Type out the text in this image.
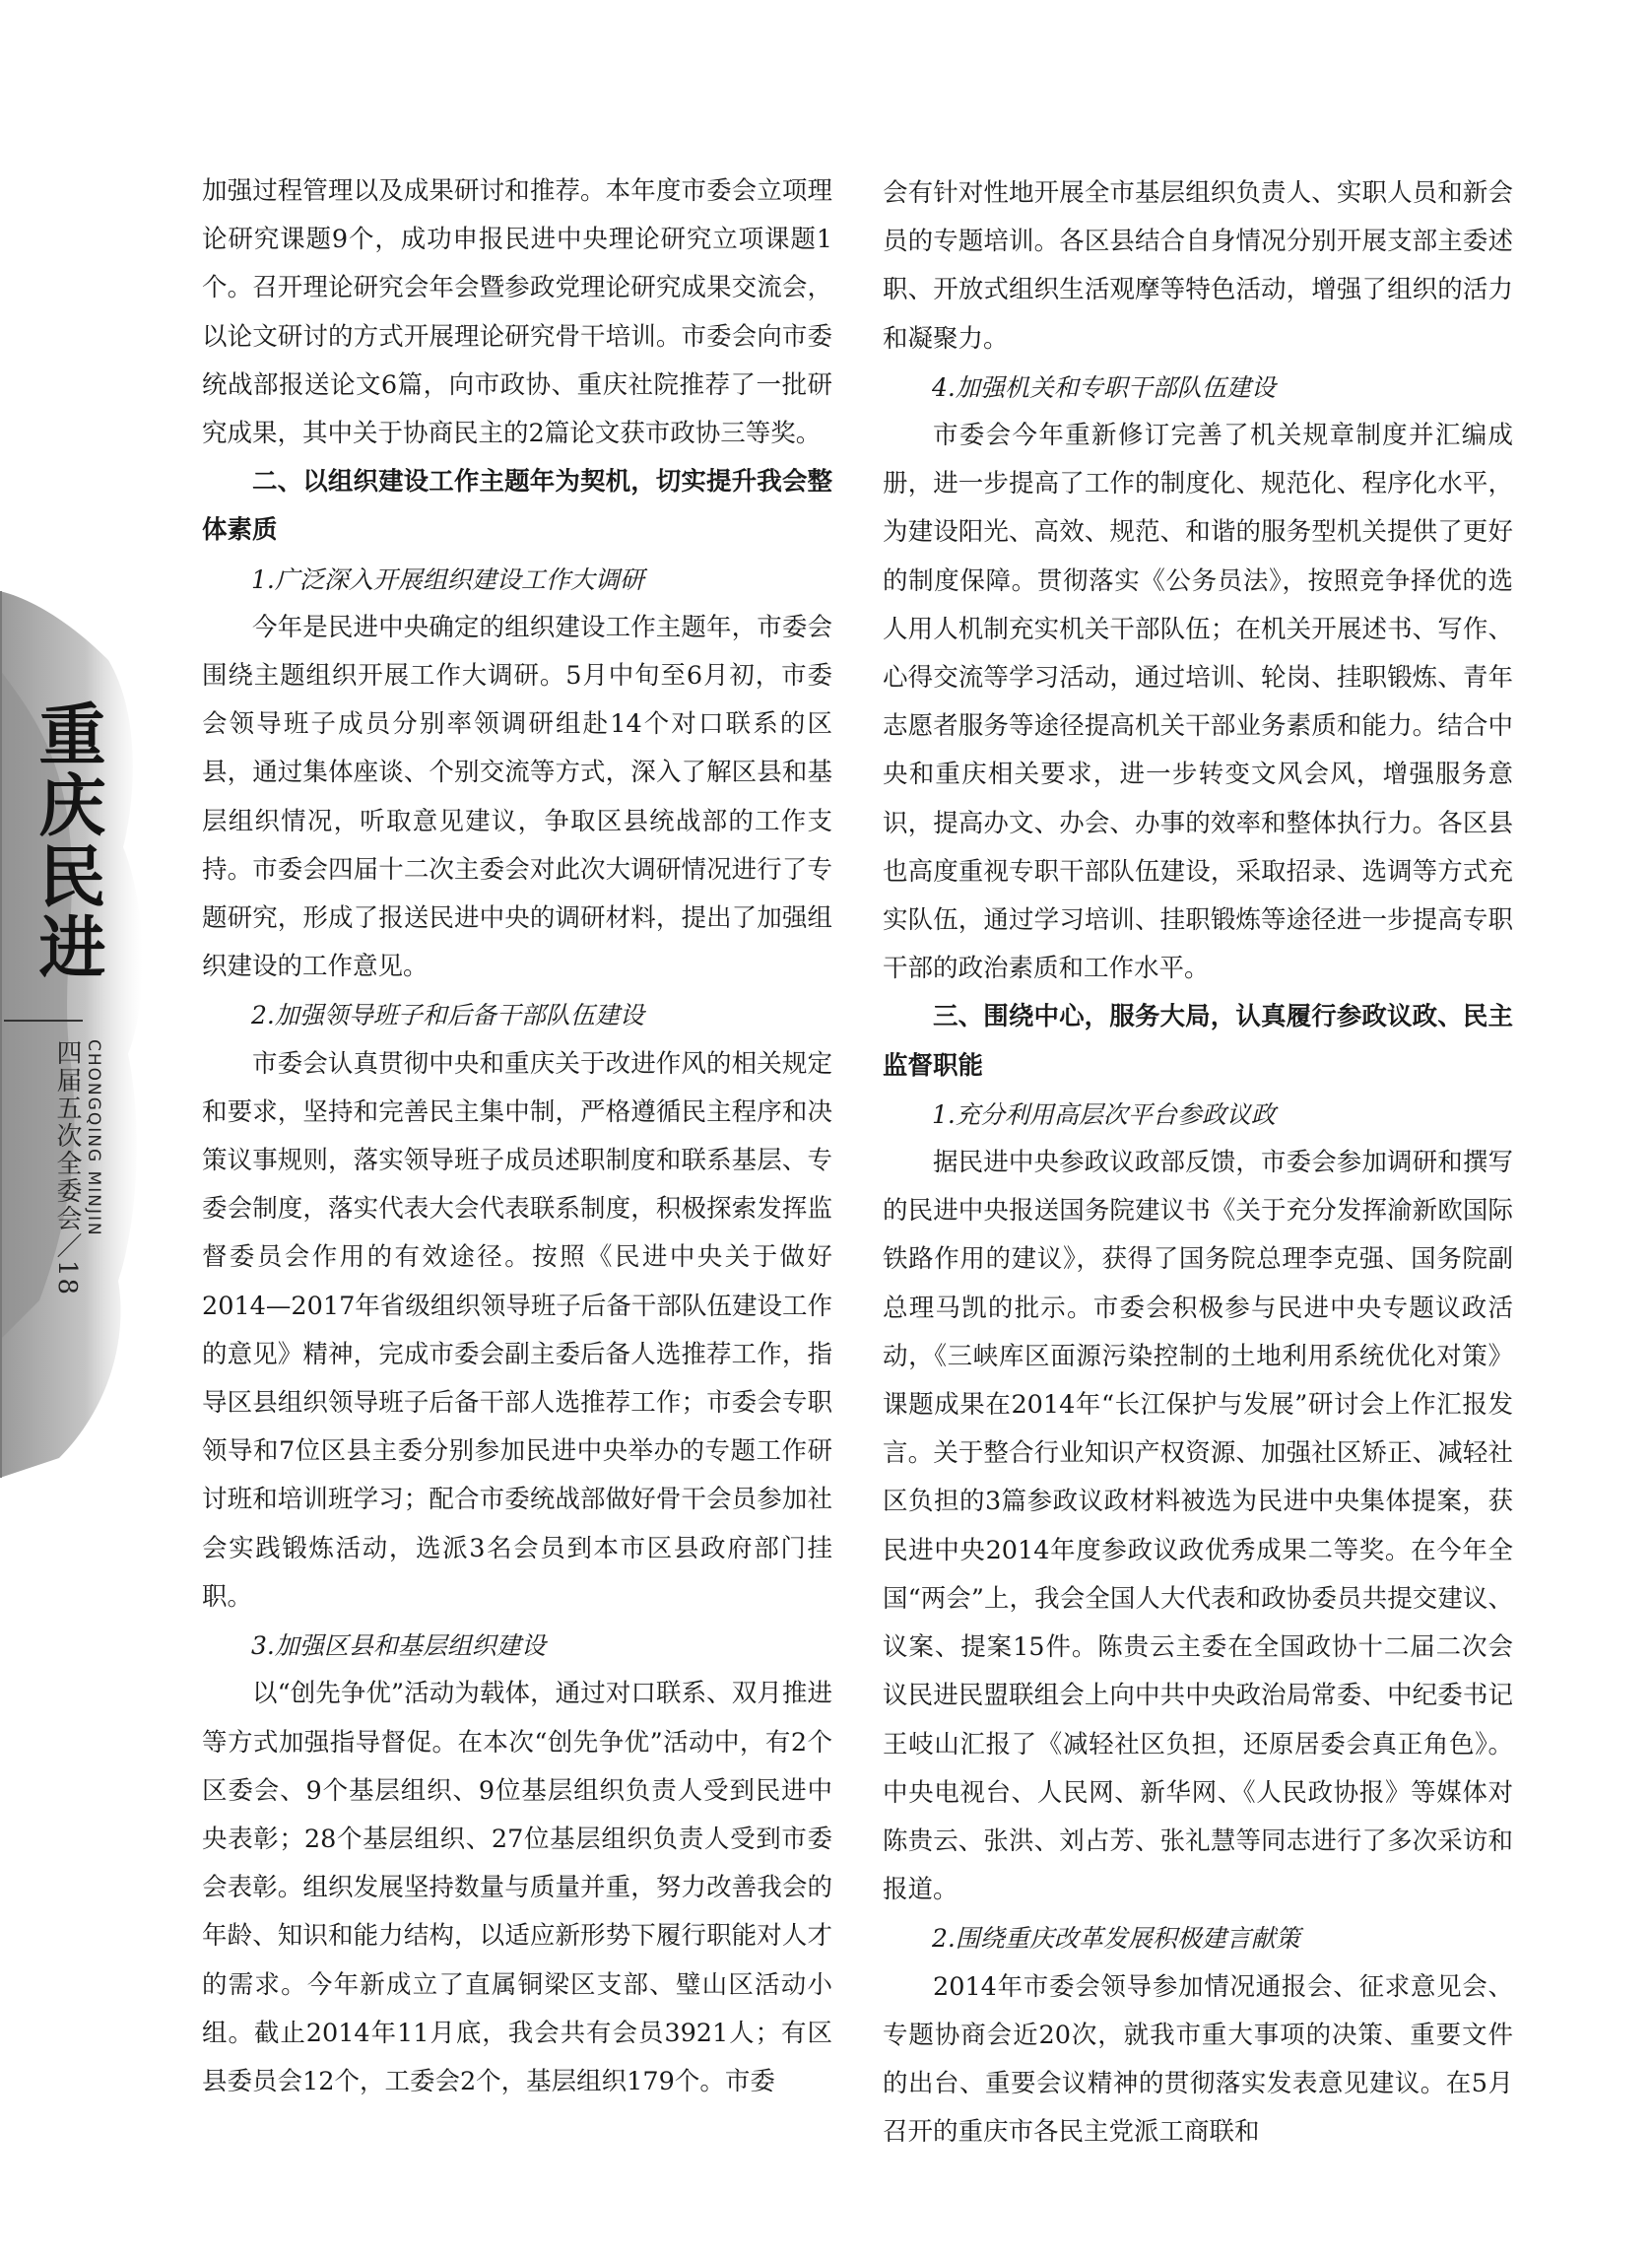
重庆民进
CHONGQING MINJIN
四届五次全委会／18

加强过程管理以及成果研讨和推荐。本年度市委会立项理论研究课题9个，成功申报民进中央理论研究立项课题1个。召开理论研究会年会暨参政党理论研究成果交流会，以论文研讨的方式开展理论研究骨干培训。市委会向市委统战部报送论文6篇，向市政协、重庆社院推荐了一批研究成果，其中关于协商民主的2篇论文获市政协三等奖。

二、以组织建设工作主题年为契机，切实提升我会整体素质
1.广泛深入开展组织建设工作大调研

今年是民进中央确定的组织建设工作主题年，市委会围绕主题组织开展工作大调研。5月中旬至6月初，市委会领导班子成员分别率领调研组赴14个对口联系的区县，通过集体座谈、个别交流等方式，深入了解区县和基层组织情况，听取意见建议，争取区县统战部的工作支持。市委会四届十二次主委会对此次大调研情况进行了专题研究，形成了报送民进中央的调研材料，提出了加强组织建设的工作意见。

2.加强领导班子和后备干部队伍建设

市委会认真贯彻中央和重庆关于改进作风的相关规定和要求，坚持和完善民主集中制，严格遵循民主程序和决策议事规则，落实领导班子成员述职制度和联系基层、专委会制度，落实代表大会代表联系制度，积极探索发挥监督委员会作用的有效途径。按照《民进中央关于做好2014—2017年省级组织领导班子后备干部队伍建设工作的意见》精神，完成市委会副主委后备人选推荐工作，指导区县组织领导班子后备干部人选推荐工作；市委会专职领导和7位区县主委分别参加民进中央举办的专题工作研讨班和培训班学习；配合市委统战部做好骨干会员参加社会实践锻炼活动，选派3名会员到本市区县政府部门挂职。

3.加强区县和基层组织建设

以“创先争优”活动为载体，通过对口联系、双月推进等方式加强指导督促。在本次“创先争优”活动中，有2个区委会、9个基层组织、9位基层组织负责人受到民进中央表彰；28个基层组织、27位基层组织负责人受到市委会表彰。组织发展坚持数量与质量并重，努力改善我会的年龄、知识和能力结构，以适应新形势下履行职能对人才的需求。今年新成立了直属铜梁区支部、璧山区活动小组。截止2014年11月底，我会共有会员3921人；有区县委员会12个，工委会2个，基层组织179个。市委

会有针对性地开展全市基层组织负责人、实职人员和新会员的专题培训。各区县结合自身情况分别开展支部主委述职、开放式组织生活观摩等特色活动，增强了组织的活力和凝聚力。

4.加强机关和专职干部队伍建设

市委会今年重新修订完善了机关规章制度并汇编成册，进一步提高了工作的制度化、规范化、程序化水平，为建设阳光、高效、规范、和谐的服务型机关提供了更好的制度保障。贯彻落实《公务员法》，按照竞争择优的选人用人机制充实机关干部队伍；在机关开展述书、写作、心得交流等学习活动，通过培训、轮岗、挂职锻炼、青年志愿者服务等途径提高机关干部业务素质和能力。结合中央和重庆相关要求，进一步转变文风会风，增强服务意识，提高办文、办会、办事的效率和整体执行力。各区县也高度重视专职干部队伍建设，采取招录、选调等方式充实队伍，通过学习培训、挂职锻炼等途径进一步提高专职干部的政治素质和工作水平。

三、围绕中心，服务大局，认真履行参政议政、民主监督职能
1.充分利用高层次平台参政议政

据民进中央参政议政部反馈，市委会参加调研和撰写的民进中央报送国务院建议书《关于充分发挥渝新欧国际铁路作用的建议》，获得了国务院总理李克强、国务院副总理马凯的批示。市委会积极参与民进中央专题议政活动，《三峡库区面源污染控制的土地利用系统优化对策》课题成果在2014年“长江保护与发展”研讨会上作汇报发言。关于整合行业知识产权资源、加强社区矫正、减轻社区负担的3篇参政议政材料被选为民进中央集体提案，获民进中央2014年度参政议政优秀成果二等奖。在今年全国“两会”上，我会全国人大代表和政协委员共提交建议、议案、提案15件。陈贵云主委在全国政协十二届二次会议民进民盟联组会上向中共中央政治局常委、中纪委书记王岐山汇报了《减轻社区负担，还原居委会真正角色》。中央电视台、人民网、新华网、《人民政协报》等媒体对陈贵云、张洪、刘占芳、张礼慧等同志进行了多次采访和报道。

2.围绕重庆改革发展积极建言献策

2014年市委会领导参加情况通报会、征求意见会、专题协商会近20次，就我市重大事项的决策、重要文件的出台、重要会议精神的贯彻落实发表意见建议。在5月召开的重庆市各民主党派工商联和
